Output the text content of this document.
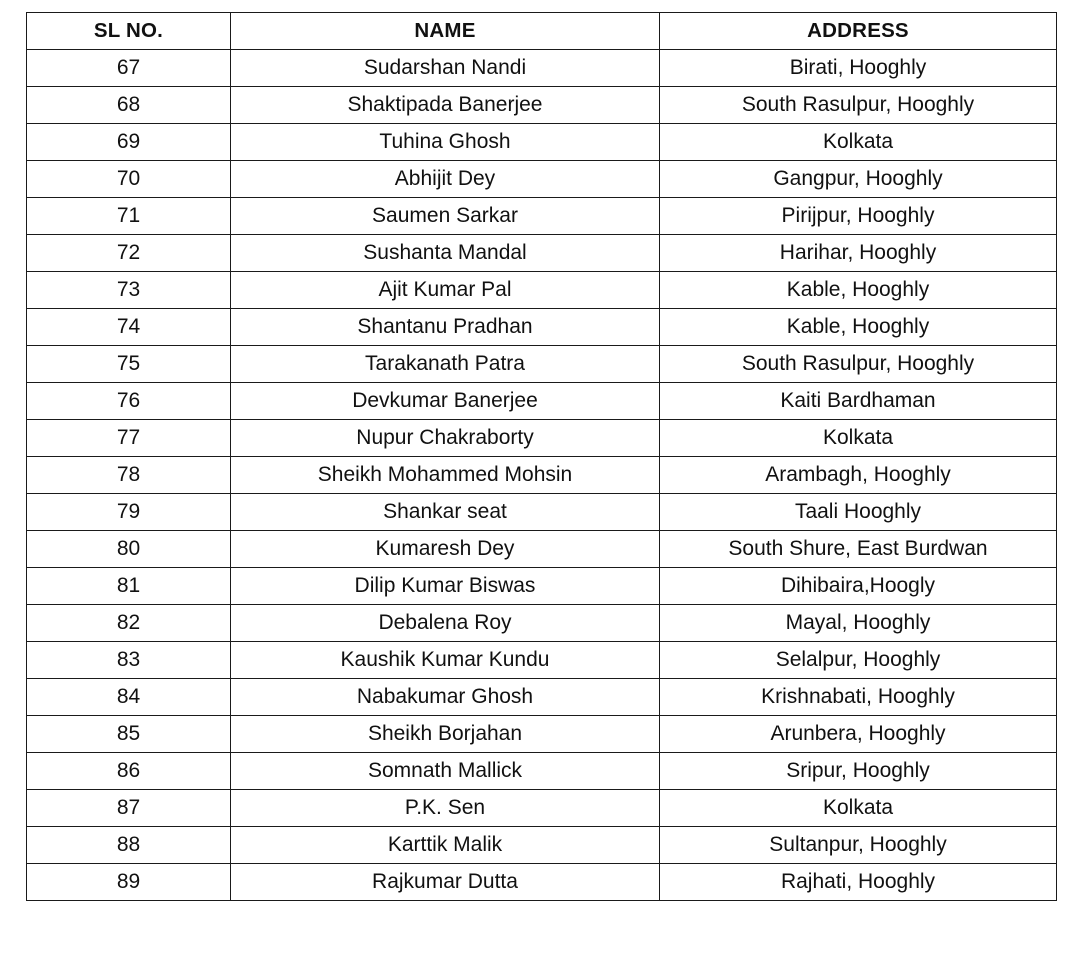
SL NO.	NAME	ADDRESS
67	Sudarshan Nandi	Birati, Hooghly
68	Shaktipada Banerjee	South Rasulpur, Hooghly
69	Tuhina Ghosh	Kolkata
70	Abhijit Dey	Gangpur, Hooghly
71	Saumen Sarkar	Pirijpur, Hooghly
72	Sushanta Mandal	Harihar, Hooghly
73	Ajit Kumar Pal	Kable, Hooghly
74	Shantanu Pradhan	Kable, Hooghly
75	Tarakanath Patra	South Rasulpur, Hooghly
76	Devkumar Banerjee	Kaiti Bardhaman
77	Nupur Chakraborty	Kolkata
78	Sheikh Mohammed Mohsin	Arambagh, Hooghly
79	Shankar seat	Taali Hooghly
80	Kumaresh Dey	South Shure, East Burdwan
81	Dilip Kumar Biswas	Dihibaira,Hoogly
82	Debalena Roy	Mayal, Hooghly
83	Kaushik Kumar Kundu	Selalpur, Hooghly
84	Nabakumar Ghosh	Krishnabati, Hooghly
85	Sheikh Borjahan	Arunbera, Hooghly
86	Somnath Mallick	Sripur, Hooghly
87	P.K. Sen	Kolkata
88	Karttik Malik	Sultanpur, Hooghly
89	Rajkumar Dutta	Rajhati, Hooghly
